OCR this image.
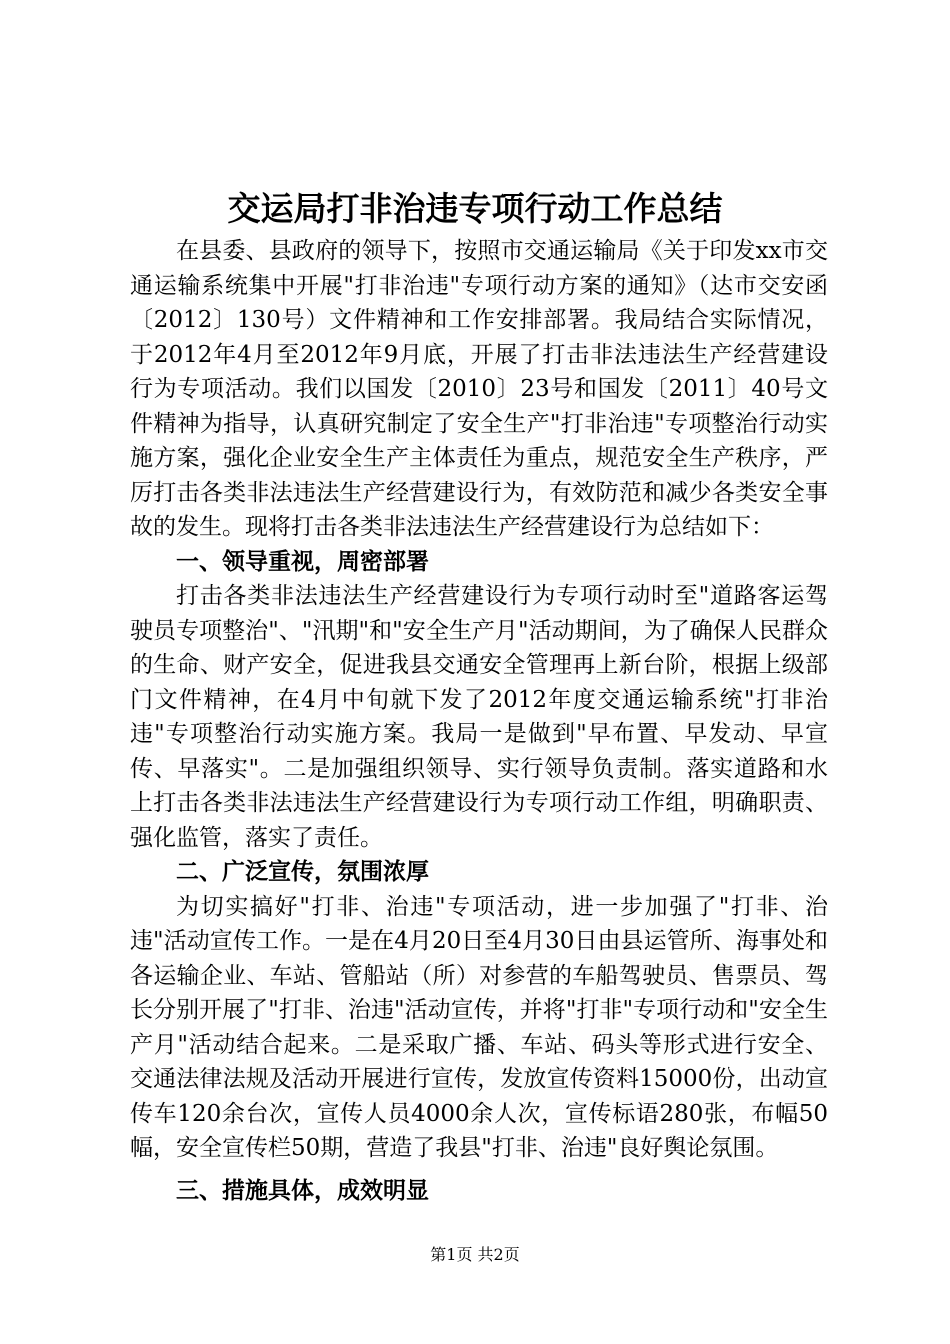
交运局打非治违专项行动工作总结

在县委、县政府的领导下，按照市交通运输局《关于印发xx市交通运输系统集中开展"打非治违"专项行动方案的通知》（达市交安函〔2012〕130号）文件精神和工作安排部署。我局结合实际情况，于2012年4月至2012年9月底，开展了打击非法违法生产经营建设行为专项活动。我们以国发〔2010〕23号和国发〔2011〕40号文件精神为指导，认真研究制定了安全生产"打非治违"专项整治行动实施方案，强化企业安全生产主体责任为重点，规范安全生产秩序，严厉打击各类非法违法生产经营建设行为，有效防范和减少各类安全事故的发生。现将打击各类非法违法生产经营建设行为总结如下：

一、领导重视，周密部署

打击各类非法违法生产经营建设行为专项行动时至"道路客运驾驶员专项整治"、"汛期"和"安全生产月"活动期间，为了确保人民群众的生命、财产安全，促进我县交通安全管理再上新台阶，根据上级部门文件精神，在4月中旬就下发了2012年度交通运输系统"打非治违"专项整治行动实施方案。我局一是做到"早布置、早发动、早宣传、早落实"。二是加强组织领导、实行领导负责制。落实道路和水上打击各类非法违法生产经营建设行为专项行动工作组，明确职责、强化监管，落实了责任。

二、广泛宣传，氛围浓厚

为切实搞好"打非、治违"专项活动，进一步加强了"打非、治违"活动宣传工作。一是在4月20日至4月30日由县运管所、海事处和各运输企业、车站、管船站（所）对参营的车船驾驶员、售票员、驾长分别开展了"打非、治违"活动宣传，并将"打非"专项行动和"安全生产月"活动结合起来。二是采取广播、车站、码头等形式进行安全、交通法律法规及活动开展进行宣传，发放宣传资料15000份，出动宣传车120余台次，宣传人员4000余人次，宣传标语280张，布幅50幅，安全宣传栏50期，营造了我县"打非、治违"良好舆论氛围。

三、措施具体，成效明显

第1页 共2页
